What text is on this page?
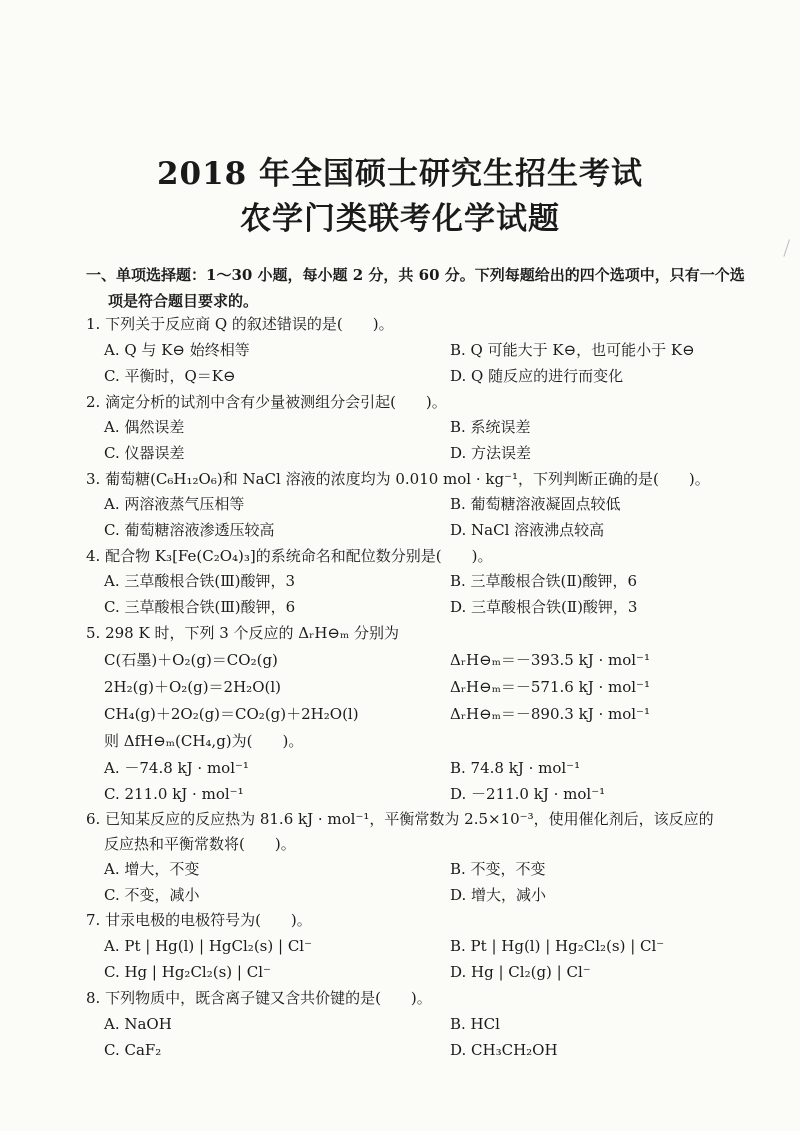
2018 年全国硕士研究生招生考试
农学门类联考化学试题
一、单项选择题：1～30 小题，每小题 2 分，共 60 分。下列每题给出的四个选项中，只有一个选
项是符合题目要求的。
1. 下列关于反应商 Q 的叙述错误的是(　　)。
A. Q 与 K⊖ 始终相等	B. Q 可能大于 K⊖，也可能小于 K⊖
C. 平衡时，Q＝K⊖	D. Q 随反应的进行而变化
2. 滴定分析的试剂中含有少量被测组分会引起(　　)。
A. 偶然误差	B. 系统误差
C. 仪器误差	D. 方法误差
3. 葡萄糖(C₆H₁₂O₆)和 NaCl 溶液的浓度均为 0.010 mol · kg⁻¹，下列判断正确的是(　　)。
A. 两溶液蒸气压相等	B. 葡萄糖溶液凝固点较低
C. 葡萄糖溶液渗透压较高	D. NaCl 溶液沸点较高
4. 配合物 K₃[Fe(C₂O₄)₃]的系统命名和配位数分别是(　　)。
A. 三草酸根合铁(Ⅲ)酸钾，3	B. 三草酸根合铁(Ⅱ)酸钾，6
C. 三草酸根合铁(Ⅲ)酸钾，6	D. 三草酸根合铁(Ⅱ)酸钾，3
5. 298 K 时，下列 3 个反应的 ΔᵣH⊖ₘ 分别为
C(石墨)＋O₂(g)＝CO₂(g)	ΔᵣH⊖ₘ＝－393.5 kJ · mol⁻¹
2H₂(g)＋O₂(g)＝2H₂O(l)	ΔᵣH⊖ₘ＝－571.6 kJ · mol⁻¹
CH₄(g)＋2O₂(g)＝CO₂(g)＋2H₂O(l)	ΔᵣH⊖ₘ＝－890.3 kJ · mol⁻¹
则 ΔfH⊖ₘ(CH₄,g)为(　　)。
A. －74.8 kJ · mol⁻¹	B. 74.8 kJ · mol⁻¹
C. 211.0 kJ · mol⁻¹	D. －211.0 kJ · mol⁻¹
6. 已知某反应的反应热为 81.6 kJ · mol⁻¹，平衡常数为 2.5×10⁻³，使用催化剂后，该反应的
反应热和平衡常数将(　　)。
A. 增大，不变	B. 不变，不变
C. 不变，减小	D. 增大，减小
7. 甘汞电极的电极符号为(　　)。
A. Pt | Hg(l) | HgCl₂(s) | Cl⁻	B. Pt | Hg(l) | Hg₂Cl₂(s) | Cl⁻
C. Hg | Hg₂Cl₂(s) | Cl⁻	D. Hg | Cl₂(g) | Cl⁻
8. 下列物质中，既含离子键又含共价键的是(　　)。
A. NaOH	B. HCl
C. CaF₂	D. CH₃CH₂OH
